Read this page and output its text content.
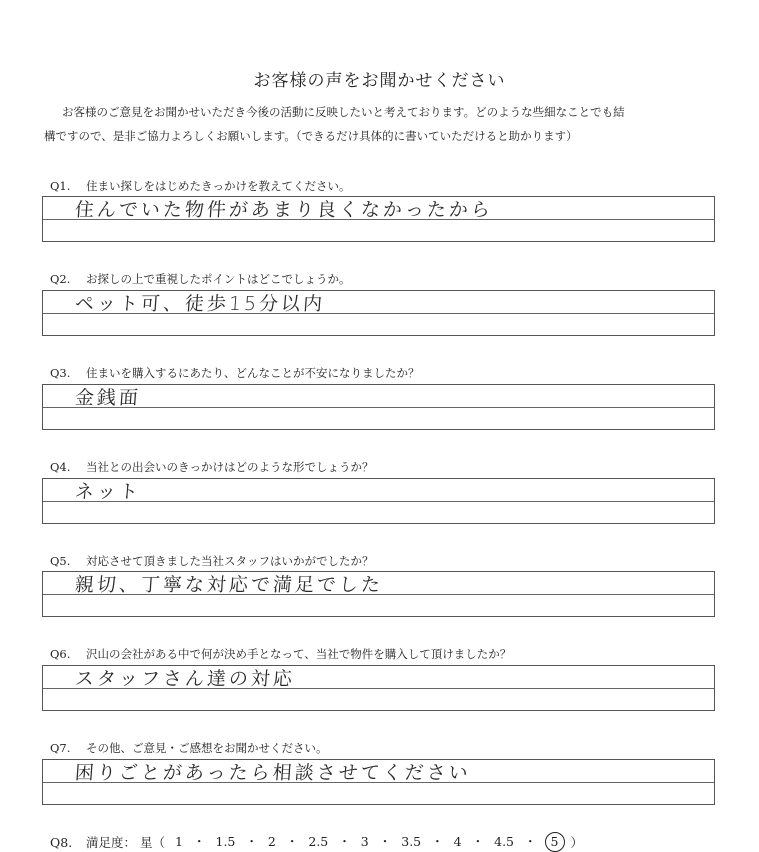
お客様の声をお聞かせください
お客様のご意見をお聞かせいただき今後の活動に反映したいと考えております。どのような些細なことでも結
構ですので、是非ご協力よろしくお願いします。（できるだけ具体的に書いていただけると助かります）
Q1. 住まい探しをはじめたきっかけを教えてください。
住んでいた物件があまり良くなかったから
Q2. お探しの上で重視したポイントはどこでしょうか。
ペット可、徒歩15分以内
Q3. 住まいを購入するにあたり、どんなことが不安になりましたか？
金銭面
Q4. 当社との出会いのきっかけはどのような形でしょうか？
ネット
Q5. 対応させて頂きました当社スタッフはいかがでしたか？
親切、丁寧な対応で満足でした
Q6. 沢山の会社がある中で何が決め手となって、当社で物件を購入して頂けましたか？
スタッフさん達の対応
Q7. その他、ご意見・ご感想をお聞かせください。
困りごとがあったら相談させてください
Q8.	満足度： 星（ 1 ・ 1.5 ・ 2 ・ 2.5 ・ 3 ・ 3.5 ・ 4 ・ 4.5 ・ 5 ）
